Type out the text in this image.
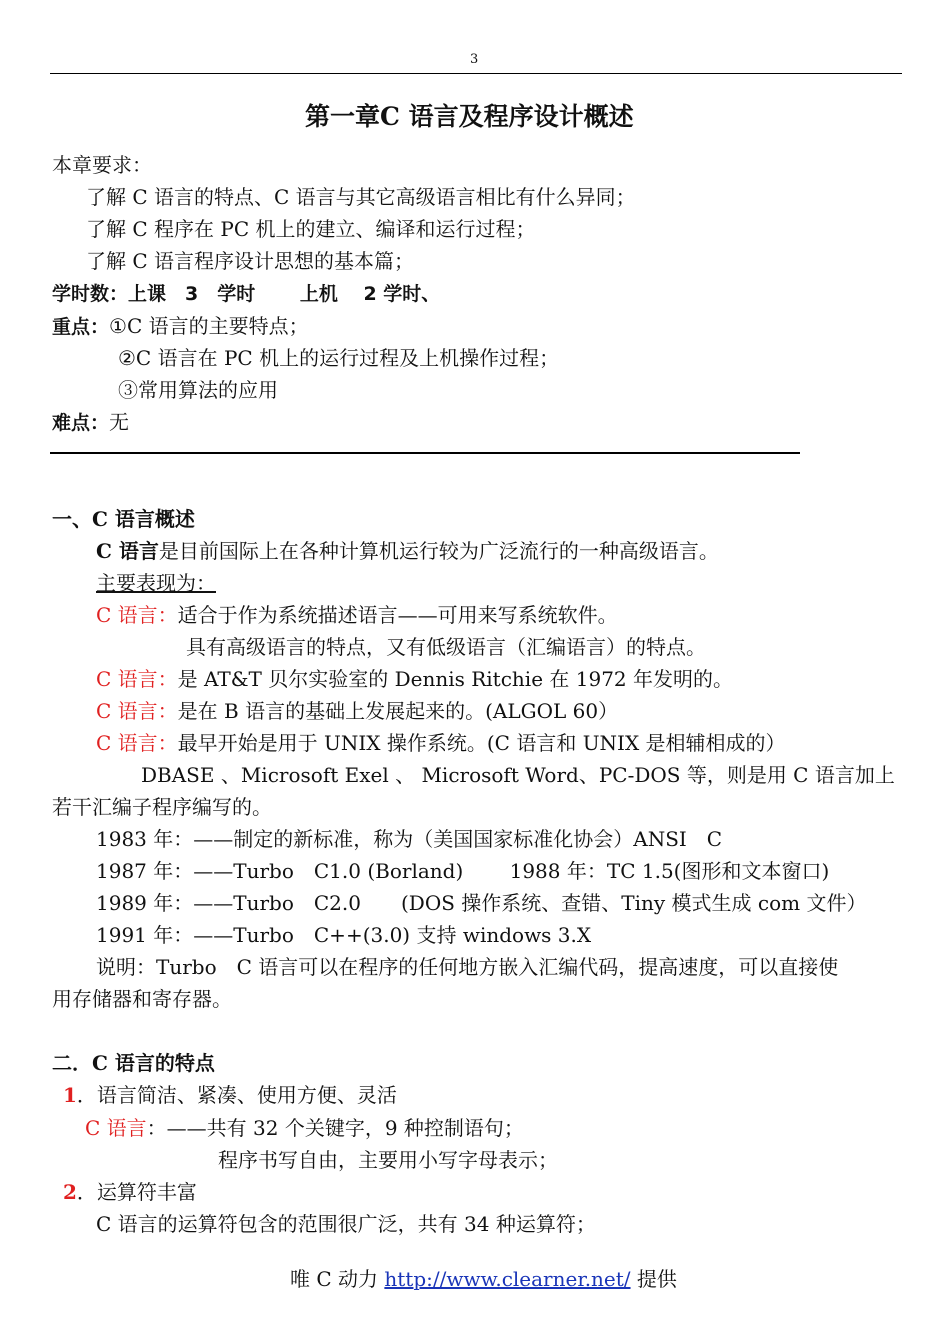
3
第一章C 语言及程序设计概述
本章要求：
了解 C 语言的特点、C 语言与其它高级语言相比有什么异同；
了解 C 程序在 PC 机上的建立、编译和运行过程；
了解 C 语言程序设计思想的基本篇；
学时数：上课　3　学时　　 上机　 2 学时、
重点：①C 语言的主要特点；
②C 语言在 PC 机上的运行过程及上机操作过程；
③常用算法的应用
难点：无
一、C 语言概述
C 语言是目前国际上在各种计算机运行较为广泛流行的一种高级语言。
主要表现为：
C 语言：适合于作为系统描述语言——可用来写系统软件。
具有高级语言的特点，又有低级语言（汇编语言）的特点。
C 语言：是 AT&T 贝尔实验室的 Dennis Ritchie 在 1972 年发明的。
C 语言：是在 B 语言的基础上发展起来的。(ALGOL 60）
C 语言：最早开始是用于 UNIX 操作系统。(C 语言和 UNIX 是相辅相成的）
DBASE 、Microsoft Exel 、 Microsoft Word、PC-DOS 等，则是用 C 语言加上
若干汇编子程序编写的。
1983 年：——制定的新标准，称为（美国国家标准化协会）ANSI　C
1987 年：——Turbo　C1.0 (Borland)　　 1988 年：TC 1.5(图形和文本窗口)
1989 年：——Turbo　C2.0　　(DOS 操作系统、查错、Tiny 模式生成 com 文件）
1991 年：——Turbo　C++(3.0) 支持 windows 3.X
说明：Turbo　C 语言可以在程序的任何地方嵌入汇编代码，提高速度，可以直接使
用存储器和寄存器。
二．C 语言的特点
1．语言简洁、紧凑、使用方便、灵活
C 语言：——共有 32 个关键字，9 种控制语句；
程序书写自由，主要用小写字母表示；
2．运算符丰富
C 语言的运算符包含的范围很广泛，共有 34 种运算符；
唯 C 动力 http://www.clearner.net/ 提供
